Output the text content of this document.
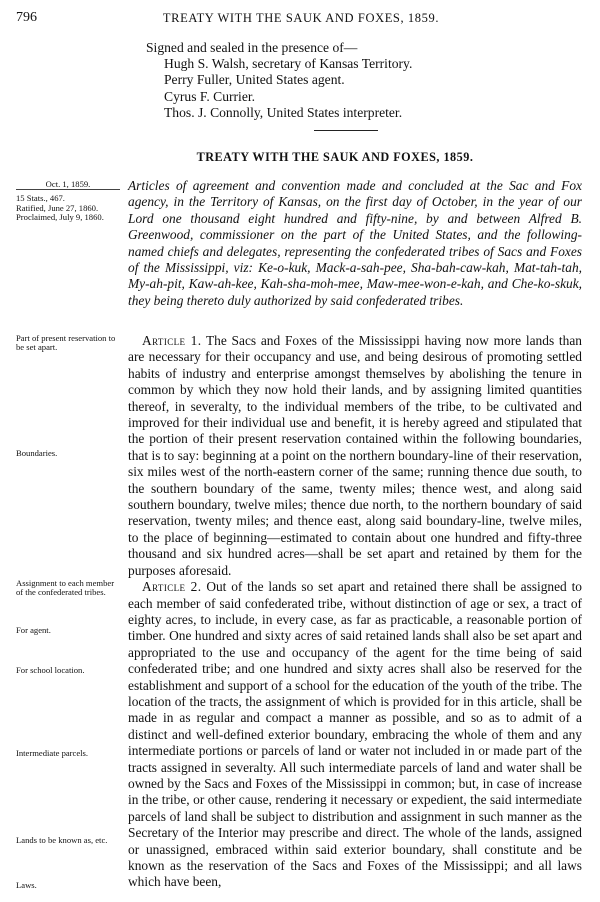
796	TREATY WITH THE SAUK AND FOXES, 1859.
Signed and sealed in the presence of—
Hugh S. Walsh, secretary of Kansas Territory.
Perry Fuller, United States agent.
Cyrus F. Currier.
Thos. J. Connolly, United States interpreter.
TREATY WITH THE SAUK AND FOXES, 1859.
Oct. 1, 1859.
15 Stats., 467.
Ratified, June 27, 1860.
Proclaimed, July 9, 1860.
Articles of agreement and convention made and concluded at the Sac and Fox agency, in the Territory of Kansas, on the first day of October, in the year of our Lord one thousand eight hundred and fifty-nine, by and between Alfred B. Greenwood, commissioner on the part of the United States, and the following-named chiefs and delegates, representing the confederated tribes of Sacs and Foxes of the Mississippi, viz: Ke-o-kuk, Mack-a-sah-pee, Sha-bah-caw-kah, Mat-tah-tah, My-ah-pit, Kaw-ah-kee, Kah-sha-moh-mee, Maw-mee-won-e-kah, and Che-ko-skuk, they being thereto duly authorized by said confederated tribes.
Part of present reservation to be set apart.
Boundaries.
Assignment to each member of the confederated tribes.
For agent.
For school location.
Intermediate parcels.
Lands to be known as, etc.
Laws.

Article 1. The Sacs and Foxes of the Mississippi having now more lands than are necessary for their occupancy and use, and being desirous of promoting settled habits of industry and enterprise amongst themselves by abolishing the tenure in common by which they now hold their lands, and by assigning limited quantities thereof, in severalty, to the individual members of the tribe, to be cultivated and improved for their individual use and benefit, it is hereby agreed and stipulated that the portion of their present reservation contained within the following boundaries, that is to say: beginning at a point on the northern boundary-line of their reservation, six miles west of the north-eastern corner of the same; running thence due south, to the southern boundary of the same, twenty miles; thence west, and along said southern boundary, twelve miles; thence due north, to the northern boundary of said reservation, twenty miles; and thence east, along said boundary-line, twelve miles, to the place of beginning—estimated to contain about one hundred and fifty-three thousand and six hundred acres—shall be set apart and retained by them for the purposes aforesaid.

Article 2. Out of the lands so set apart and retained there shall be assigned to each member of said confederated tribe, without distinction of age or sex, a tract of eighty acres, to include, in every case, as far as practicable, a reasonable portion of timber. One hundred and sixty acres of said retained lands shall also be set apart and appropriated to the use and occupancy of the agent for the time being of said confederated tribe; and one hundred and sixty acres shall also be reserved for the establishment and support of a school for the education of the youth of the tribe. The location of the tracts, the assignment of which is provided for in this article, shall be made in as regular and compact a manner as possible, and so as to admit of a distinct and well-defined exterior boundary, embracing the whole of them and any intermediate portions or parcels of land or water not included in or made part of the tracts assigned in severalty. All such intermediate parcels of land and water shall be owned by the Sacs and Foxes of the Mississippi in common; but, in case of increase in the tribe, or other cause, rendering it necessary or expedient, the said intermediate parcels of land shall be subject to distribution and assignment in such manner as the Secretary of the Interior may prescribe and direct. The whole of the lands, assigned or unassigned, embraced within said exterior boundary, shall constitute and be known as the reservation of the Sacs and Foxes of the Mississippi; and all laws which have been,
